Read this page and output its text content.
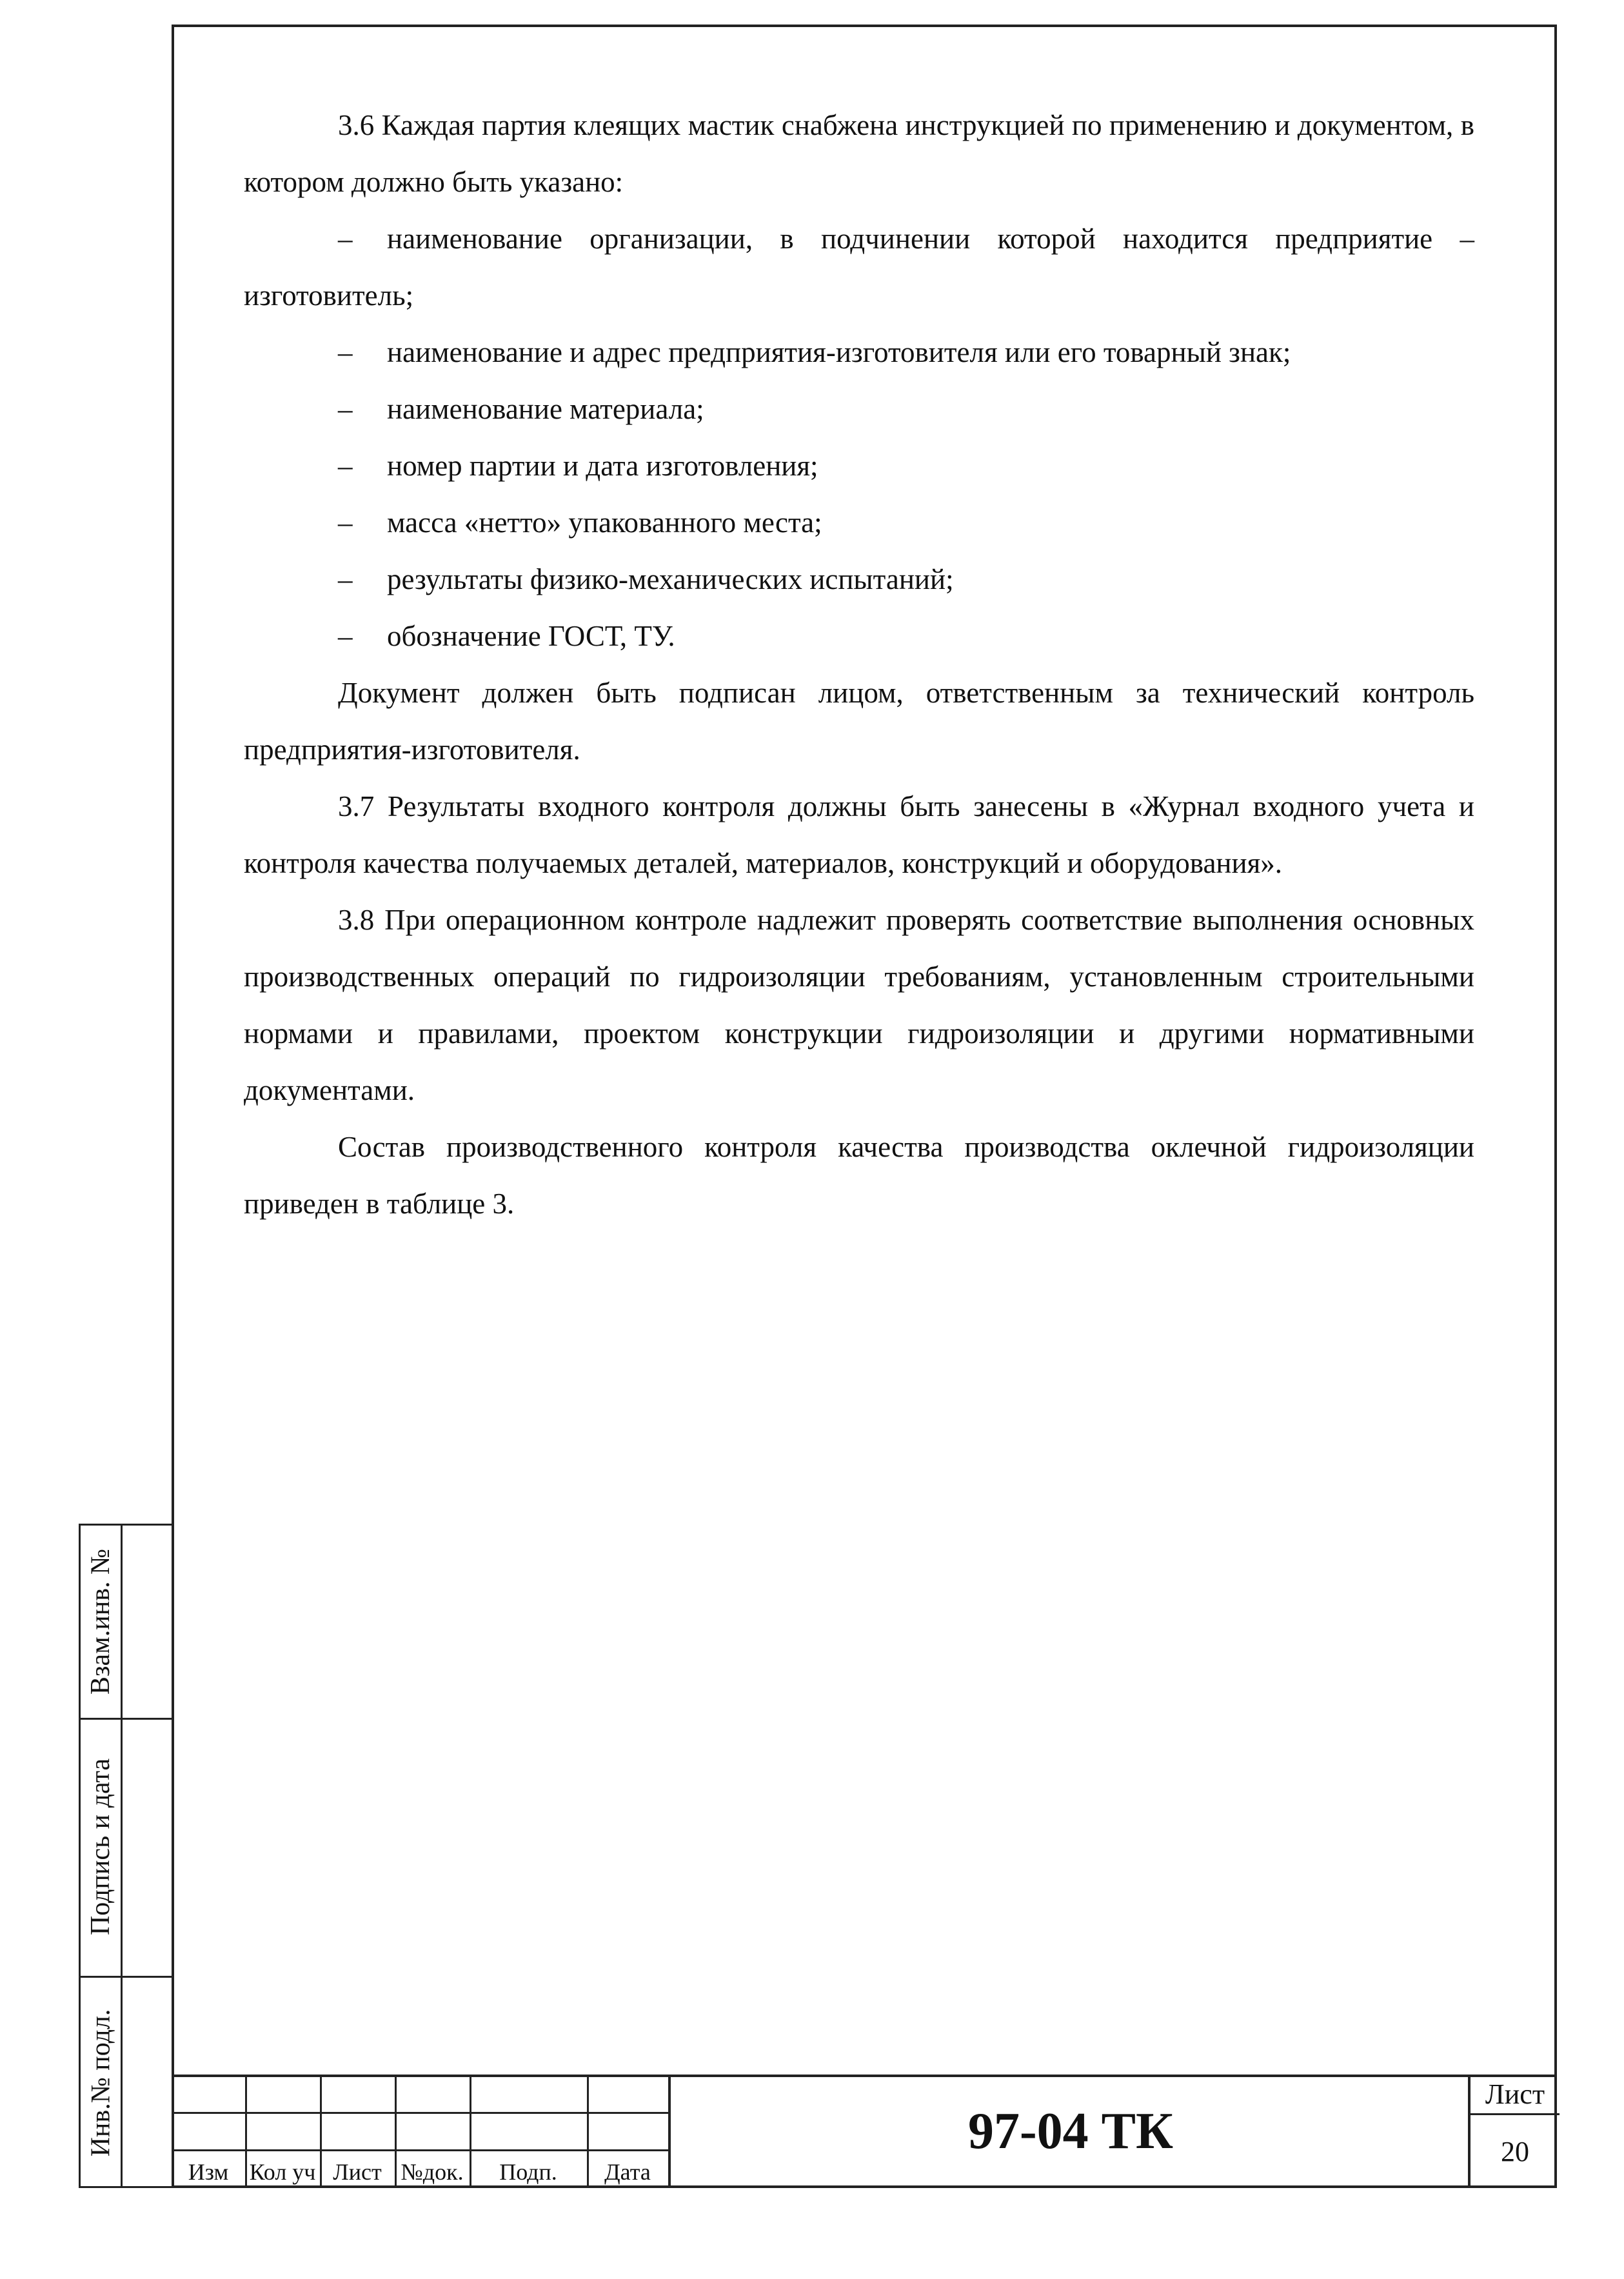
Взам.инв. №
Подпись и дата
Инв.№ подл.

3.6 Каждая партия клеящих мастик снабжена инструкцией по применению и документом, в котором должно быть указано:

– наименование организации, в подчинении которой находится предприятие – изготовитель;

– наименование и адрес предприятия-изготовителя или его товарный знак;

– наименование материала;

– номер партии и дата изготовления;

– масса «нетто» упакованного места;

– результаты физико-механических испытаний;

– обозначение ГОСТ, ТУ.

Документ должен быть подписан лицом, ответственным за технический контроль предприятия-изготовителя.

3.7 Результаты входного контроля должны быть занесены в «Журнал входного учета и контроля качества получаемых деталей, материалов, конструкций и оборудования».

3.8 При операционном контроле надлежит проверять соответствие выполнения основных производственных операций по гидроизоляции требованиям, установленным строительными нормами и правилами, проектом конструкции гидроизоляции и другими нормативными документами.

Состав производственного контроля качества производства оклечной гидроизоляции приведен в таблице 3.

Изм Кол уч Лист №док.	Подп.	Дата
97-04 ТК
Лист
20
